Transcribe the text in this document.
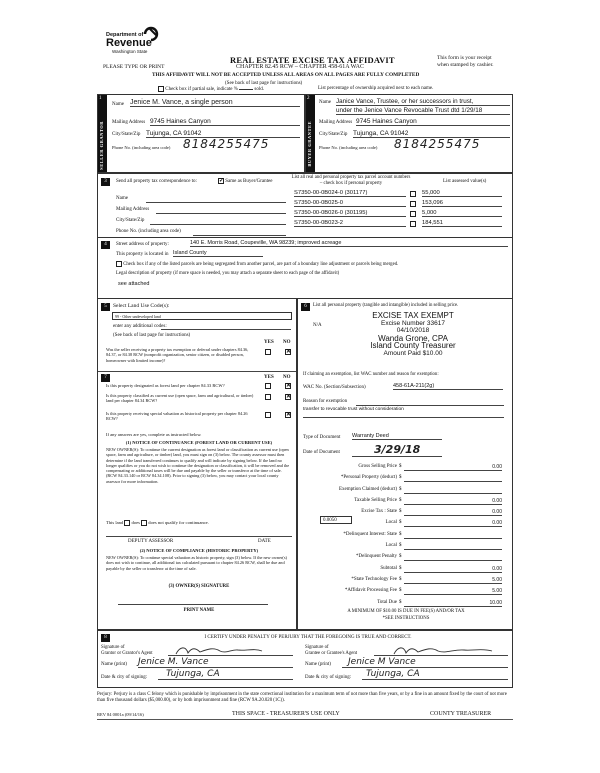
Department of
Revenue
Washington State
PLEASE TYPE OR PRINT
REAL ESTATE EXCISE TAX AFFIDAVIT
CHAPTER 82.45 RCW – CHAPTER 458-61A WAC
This form is your receipt
when stamped by cashier.
THIS AFFIDAVIT WILL NOT BE ACCEPTED UNLESS ALL AREAS ON ALL PAGES ARE FULLY COMPLETED
(See back of last page for instructions)
Check box if partial sale, indicate %	sold.	List percentage of ownership acquired next to each name.
1
SELLER GRANTOR
Name Jenice M. Vance, a single person
Mailing Address 9745 Haines Canyon
City/State/Zip Tujunga, CA 91042
Phone No. (including area code) 8184255475
2
BUYER GRANTEE
Name Janice Vance, Trustee, or her successors in trust,
under the Jenice Vance Revocable Trust dtd 1/29/18
Mailing Address 9745 Haines Canyon
City/State/Zip Tujunga, CA 91042
Phone No. (including area code) 8184255475
3	Send all property tax correspondence to:	✓ Same as Buyer/Grantee
Name
Mailing Address
City/State/Zip
Phone No. (including area code)
List all real and personal property tax parcel account numbers – check box if personal property	List assessed value(s)
S7350-00-0B024-0 (301177)	55,000
S7350-00-0B025-0	153,096
S7350-00-0B026-0 (301195)	5,000
S7350-00-0B023-2	184,551
4	Street address of property:	140 E. Morris Road, Coupeville, WA 98239; improved acreage
This property is located in Island County
Check box if any of the listed parcels are being segregated from another parcel, are part of a boundary line adjustment or parcels being merged.
Legal description of property (if more space is needed, you may attach a separate sheet to each page of the affidavit)
see attached
5	Select Land Use Code(s):
99 - Other undeveloped land
enter any additional codes:
(See back of last page for instructions)
YES NO
Was the seller receiving a property tax exemption or deferral under chapters 84.36, 84.37, or 84.38 RCW (nonprofit organization, senior citizen, or disabled person, homeowner with limited income)?
✕
7	YES NO
Is this property designated as forest land per chapter 84.33 RCW?	✕
Is this property classified as current use (open space, farm and agricultural, or timber) land per chapter 84.34 RCW?
✕
Is this property receiving special valuation as historical property per chapter 84.26 RCW?
✕
If any answers are yes, complete as instructed below.
(1) NOTICE OF CONTINUANCE (FOREST LAND OR CURRENT USE)
NEW OWNER(S): To continue the current designation as forest land or classification as current use (open space, farm and agriculture, or timber) land, you must sign on (3) below. The county assessor must then determine if the land transferred continues to qualify and will indicate by signing below. If the land no longer qualifies or you do not wish to continue the designation or classification, it will be removed and the compensating or additional taxes will be due and payable by the seller or transferor at the time of sale. (RCW 84.33.140 or RCW 84.34.108). Prior to signing (3) below, you may contact your local county assessor for more information.
This land does does not qualify for continuance.
DEPUTY ASSESSOR	DATE
(2) NOTICE OF COMPLIANCE (HISTORIC PROPERTY)
NEW OWNER(S): To continue special valuation as historic property, sign (3) below. If the new owner(s) does not wish to continue, all additional tax calculated pursuant to chapter 84.26 RCW, shall be due and payable by the seller or transferor at the time of sale.
(3) OWNER(S) SIGNATURE
PRINT NAME
6	List all personal property (tangible and intangible) included in selling price.
N/A
EXCISE TAX EXEMPT
Excise Number 33617
04/10/2018
Wanda Grone, CPA
Island County Treasurer
Amount Paid $10.00
If claiming an exemption, list WAC number and reason for exemption:
WAC No. (Section/Subsection)	458-61A-211(2g)
Reason for exemption
transfer to revocable trust without consideration
Type of Document Warranty Deed
Date of Document	3/29/18
Gross Selling Price $	0.00
*Personal Property (deduct) $
Exemption Claimed (deduct) $
Taxable Selling Price $	0.00
Excise Tax : State $	0.00
Local $	0.00
*Delinquent Interest: State $
Local $
*Delinquent Penalty $
Subtotal $	0.00
*State Technology Fee $	5.00
*Affidavit Processing Fee $	5.00
Total Due $	10.00
0.0050
A MINIMUM OF $10.00 IS DUE IN FEE(S) AND/OR TAX
*SEE INSTRUCTIONS
8	I CERTIFY UNDER PENALTY OF PERJURY THAT THE FOREGOING IS TRUE AND CORRECT.
Signature of
Grantor or Grantor's Agent
Name (print) Jenice M. Vance
Date & city of signing:	Tujunga, CA
Signature of
Grantee or Grantee's Agent
Name (print)	Jenice M Vance
Date & city of signing:	Tujunga, CA
Perjury: Perjury is a class C felony which is punishable by imprisonment in the state correctional institution for a maximum term of not more than five years, or by a fine in an amount fixed by the court of not more than five thousand dollars ($5,000.00), or by both imprisonment and fine (RCW 9A.20.020 (1C)).
REV 84 0001a (09/14/16)	THIS SPACE - TREASURER'S USE ONLY	COUNTY TREASURER
